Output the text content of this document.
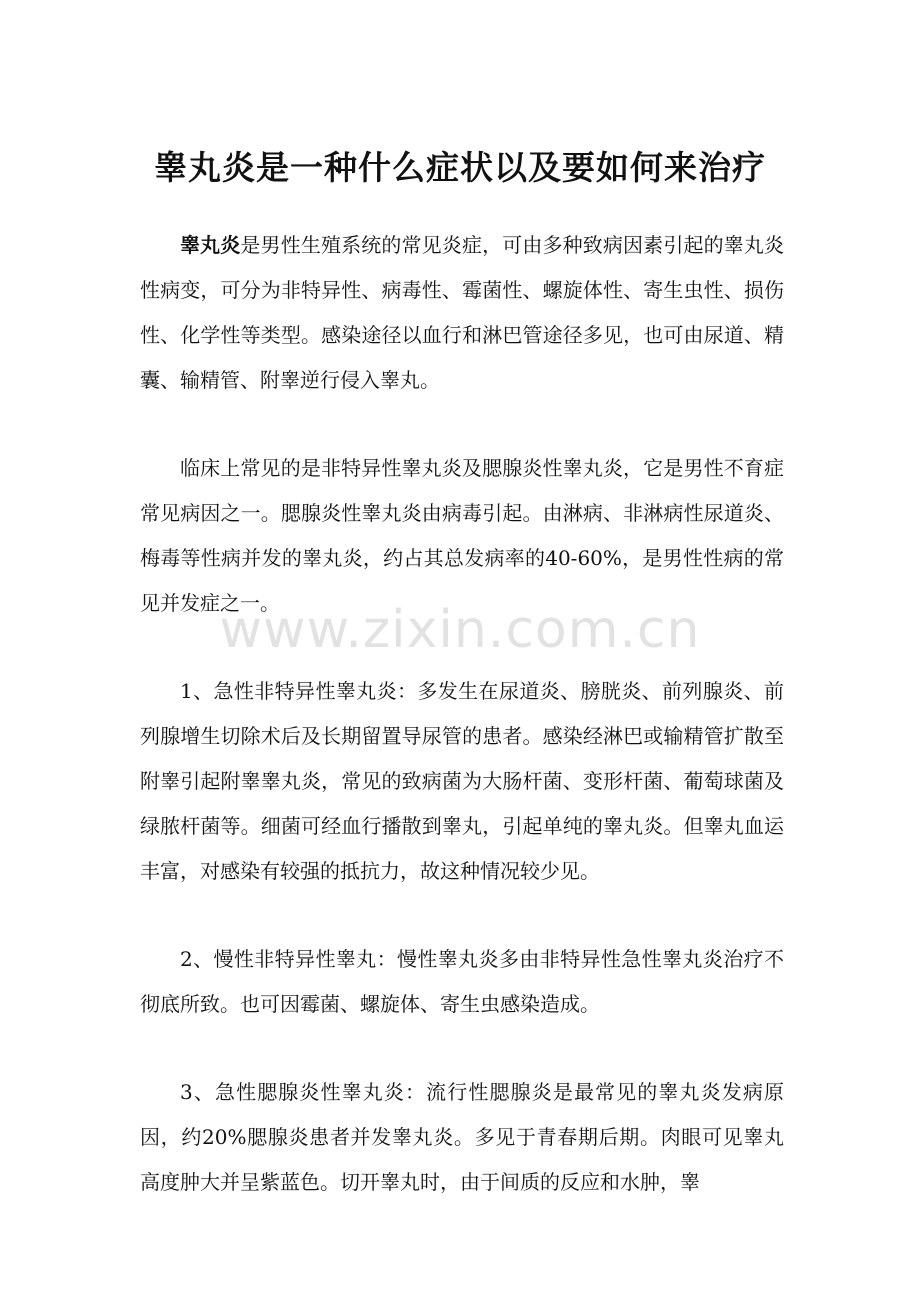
www.zixin.com.cn
睾丸炎是一种什么症状以及要如何来治疗

睾丸炎是男性生殖系统的常见炎症，可由多种致病因素引起的睾丸炎性病变，可分为非特异性、病毒性、霉菌性、螺旋体性、寄生虫性、损伤性、化学性等类型。感染途径以血行和淋巴管途径多见，也可由尿道、精囊、输精管、附睾逆行侵入睾丸。

临床上常见的是非特异性睾丸炎及腮腺炎性睾丸炎，它是男性不育症常见病因之一。腮腺炎性睾丸炎由病毒引起。由淋病、非淋病性尿道炎、梅毒等性病并发的睾丸炎，约占其总发病率的40-60%，是男性性病的常见并发症之一。

1、急性非特异性睾丸炎：多发生在尿道炎、膀胱炎、前列腺炎、前列腺增生切除术后及长期留置导尿管的患者。感染经淋巴或输精管扩散至附睾引起附睾睾丸炎，常见的致病菌为大肠杆菌、变形杆菌、葡萄球菌及绿脓杆菌等。细菌可经血行播散到睾丸，引起单纯的睾丸炎。但睾丸血运丰富，对感染有较强的抵抗力，故这种情况较少见。

2、慢性非特异性睾丸：慢性睾丸炎多由非特异性急性睾丸炎治疗不彻底所致。也可因霉菌、螺旋体、寄生虫感染造成。

3、急性腮腺炎性睾丸炎：流行性腮腺炎是最常见的睾丸炎发病原因，约20%腮腺炎患者并发睾丸炎。多见于青春期后期。肉眼可见睾丸高度肿大并呈紫蓝色。切开睾丸时，由于间质的反应和水肿，睾
